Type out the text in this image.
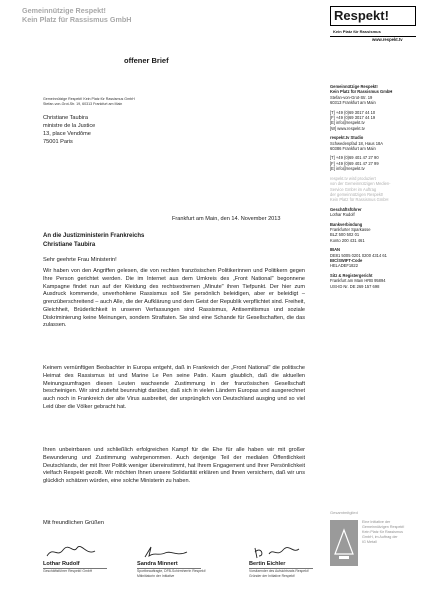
Gemeinnützige Respekt!
Kein Platz für Rassismus GmbH
offener Brief
Respekt!
Kein Platz für Rassismus
www.respekt.tv
Gemeinnützige Respekt! Kein Platz für Rassismus GmbH
Stefan-von-Grot-Str. 19, 60313 Frankfurt am Main
Christiane Taubira
ministre de la Justice
13, place Vendôme
75001 Paris
Frankfurt am Main, den 14. November 2013
An die Justizministerin Frankreichs
Christiane Taubira
Sehr geehrte Frau Ministerin!

Wir haben von den Angriffen gelesen, die von rechten französischen Politikerinnen und Politikern gegen Ihre Person gerichtet werden. Die im Internet aus dem Umkreis des „Front National" begonnene Kampagne findet nun auf der Kleidung des rechtsextremen „Minute" ihren Tiefpunkt. Der hier zum Ausdruck kommende, unverhohlene Rassismus soll Sie persönlich beleidigen, aber er beleidigt – grenzüberschreitend – auch Alle, die der Aufklärung und dem Geist der Republik verpflichtet sind. Freiheit, Gleichheit, Brüderlichkeit in unseren Verfassungen sind Rassismus, Antisemitismus und soziale Diskriminierung keine Meinungen, sondern Straftaten. Sie sind eine Schande für Gesellschaften, die das zulassen.

Keinem vernünftigen Beobachter in Europa entgeht, daß in Frankreich der „Front National" die politische Heimat des Rassismus ist und Marine Le Pen seine Patin. Kaum glaublich, daß die aktuellen Meinungsumfragen diesen Leuten wachsende Zustimmung in der französischen Gesellschaft bescheinigen. Wir sind zutiefst beunruhigt darüber, daß sich in vielen Ländern Europas und ausgerechnet auch noch in Frankreich der alte Virus ausbreitet, der ursprünglich von Deutschland ausging und so viel Leid über die Völker gebracht hat.

Ihren unbeirrbaren und schließlich erfolgreichen Kampf für die Ehe für alle haben wir mit großer Bewunderung und Zustimmung wahrgenommen. Auch derjenige Teil der medialen Öffentlichkeit Deutschlands, der mit Ihrer Politik weniger übereinstimmt, hat Ihrem Engagement und Ihrer Persönlichkeit vielfach Respekt gezollt. Wir möchten Ihnen unsere Solidarität erklären und Ihnen versichern, daß wir uns glücklich schätzen würden, eine solche Ministerin zu haben.

Mit freundlichen Grüßen
Lothar Rudolf
Geschäftsführer Respekt! GmbH
Sandra Minnert
Sportbeauftragte, DFB-Schirmherrin Respekt!
Mitinitiatorin der Initiative
Bertin Eichler
Vorsitzender des Aufsichtsrats Respekt!
Gründer der Initiative Respekt!
Gemeinnützige Respekt!
Kein Platz für Rassismus GmbH
Stefan-von-Grot-Str. 19
60313 Frankfurt am Main
[T] +49 (0)69 3017 44 10
[F] +49 (0)69 3017 44 19
[E] info@respekt.tv
[W] www.respekt.tv
respekt.tv Studio
Schwedenpfad 18, Haus 18A
60386 Frankfurt am Main
[T] +49 (0)69 401 47 27 90
[F] +49 (0)69 401 47 27 99
[E] info@respekt.tv
respekt.tv wird produziert
von der Gemeinnützigen Medien-
Service GmbH im Auftrag
der gemeinnützigen Respekt!
Kein Platz für Rassismus GmbH
Geschäftsführer
Lothar Rudolf
Bankverbindung
Frankfurter Sparkasse
BLZ 500 502 01
Konto 200 431 461
IBAN
DE81 5005 0201 0200 4314 61
BIC/SWIFT-Code
HELADEF1822
Sitz & Registergericht
Frankfurt am Main HRB 95894
USt-ID Nr. DE 269 157 698
Gesamtmitglied
Eine Initiative der
Gemeinnützigen Respekt!
Kein Platz für Rassismus
GmbH, im Auftrag der
IG Metall
